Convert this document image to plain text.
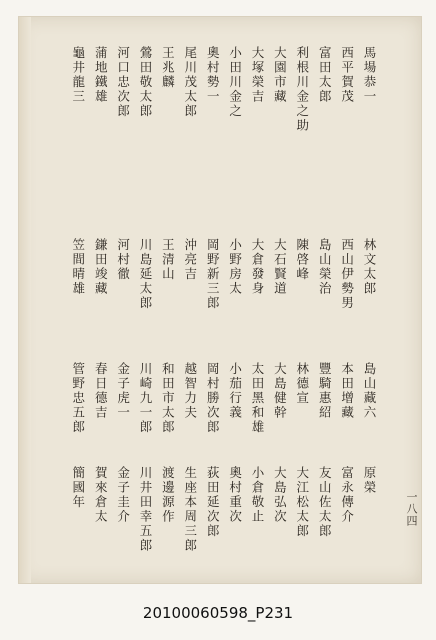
一八四
馬場恭一
西平賀茂
富田太郎
利根川金之助
大園市藏
大塚榮吉
小田川金之
奧村勢一
尾川茂太郎
王兆麟
鶯田敬太郎
河口忠次郎
蒲地鐵雄
龜井龍三
林文太郎
西山伊勢男
島山榮治
陳啓峰
大石賢道
大倉發身
小野房太
岡野新三郎
沖亮吉
王清山
川島延太郎
河村徹
鎌田竣藏
笠間晴雄
島山藏六
本田增藏
豐騎惠紹
林德宣
大島健幹
太田黑和雄
小茄行義
岡村勝次郎
越智力夫
和田市太郎
川崎九一郎
金子虎一
春日德吉
管野忠五郎
原榮
富永傳介
友山佐太郎
大江松太郎
大島弘次
小倉敬止
奧村重次
荻田延次郎
生座本周三郎
渡邊源作
川井田幸五郎
金子圭介
賀來倉太
簡國年
20100060598_P231
